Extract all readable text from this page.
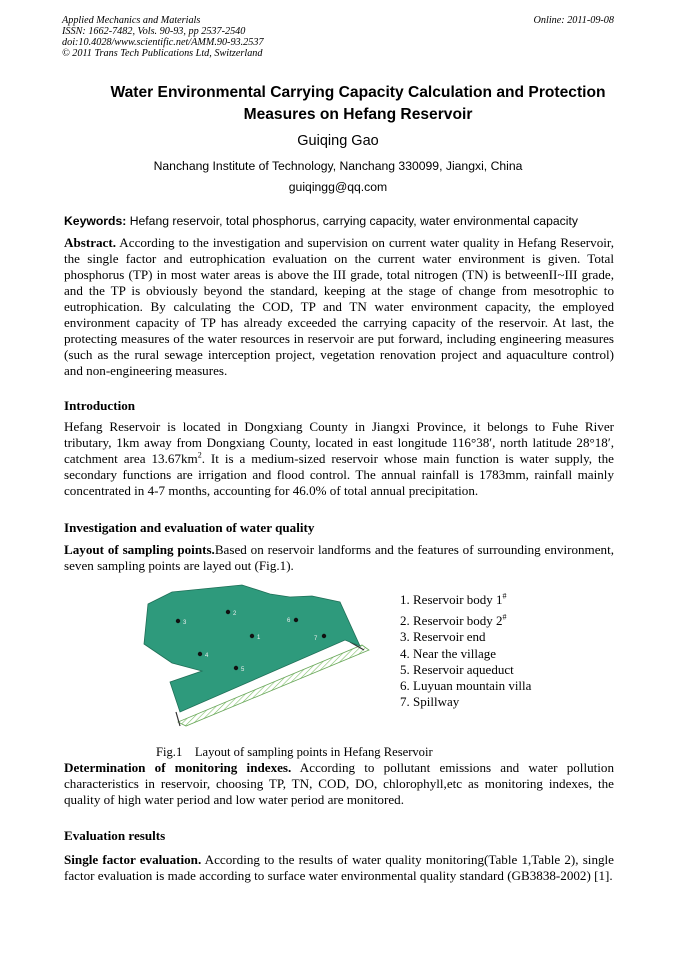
Applied Mechanics and Materials
ISSN: 1662-7482, Vols. 90-93, pp 2537-2540
doi:10.4028/www.scientific.net/AMM.90-93.2537
© 2011 Trans Tech Publications Ltd, Switzerland
Online: 2011-09-08
Water Environmental Carrying Capacity Calculation and Protection
Measures on Hefang Reservoir
Guiqing Gao
Nanchang Institute of Technology, Nanchang 330099, Jiangxi, China
guiqingg@qq.com
Keywords: Hefang reservoir, total phosphorus, carrying capacity, water environmental capacity
Abstract. According to the investigation and supervision on current water quality in Hefang Reservoir, the single factor and eutrophication evaluation on the current water environment is given. Total phosphorus (TP) in most water areas is above the III grade, total nitrogen (TN) is betweenII~III grade, and the TP is obviously beyond the standard, keeping at the stage of change from mesotrophic to eutrophication. By calculating the COD, TP and TN water environment capacity, the employed environment capacity of TP has already exceeded the carrying capacity of the reservoir. At last, the protecting measures of the water resources in reservoir are put forward, including engineering measures (such as the rural sewage interception project, vegetation renovation project and aquaculture control) and non-engineering measures.
Introduction
Hefang Reservoir is located in Dongxiang County in Jiangxi Province, it belongs to Fuhe River tributary, 1km away from Dongxiang County, located in east longitude 116°38′, north latitude 28°18′, catchment area $13.67km^2$. It is a medium-sized reservoir whose main function is water supply, the secondary functions are irrigation and flood control. The annual rainfall is 1783mm, rainfall mainly concentrated in 4-7 months, accounting for 46.0% of total annual precipitation.
Investigation and evaluation of water quality
Layout of sampling points.Based on reservoir landforms and the features of surrounding environment, seven sampling points are layed out (Fig.1).
1
2
3
4
5
6
7
1. Reservoir body 1#
2. Reservoir body 2#
3. Reservoir end
4. Near the village
5. Reservoir aqueduct
6. Luyuan mountain villa
7. Spillway
Fig.1    Layout of sampling points in Hefang Reservoir
Determination of monitoring indexes. According to pollutant emissions and water pollution characteristics in reservoir, choosing TP, TN, COD, DO, chlorophyll,etc as monitoring indexes, the quality of high water period and low water period are monitored.
Evaluation results
Single factor evaluation. According to the results of water quality monitoring(Table 1,Table 2), single factor evaluation is made according to surface water environmental quality standard (GB3838-2002) [1].
